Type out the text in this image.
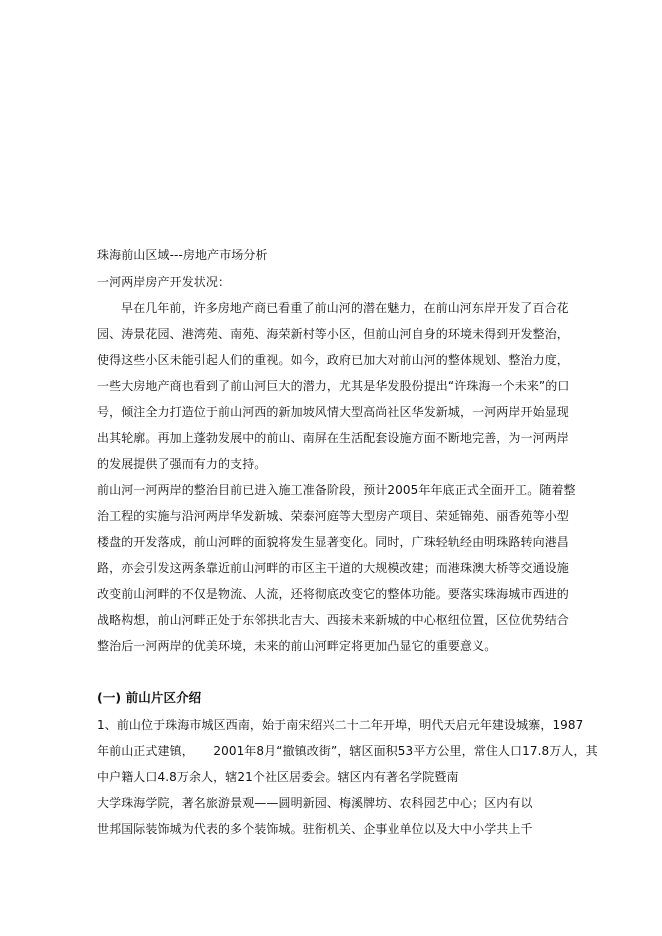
珠海前山区域---房地产市场分析
一河两岸房产开发状况：
早在几年前，许多房地产商已看重了前山河的潜在魅力，在前山河东岸开发了百合花
园、涛景花园、港湾苑、南苑、海荣新村等小区，但前山河自身的环境未得到开发整治，
使得这些小区未能引起人们的重视。如今，政府已加大对前山河的整体规划、整治力度，
一些大房地产商也看到了前山河巨大的潜力，尤其是华发股份提出“许珠海一个未来”的口
号，倾注全力打造位于前山河西的新加坡风情大型高尚社区华发新城，一河两岸开始显现
出其轮廓。再加上蓬勃发展中的前山、南屏在生活配套设施方面不断地完善，为一河两岸
的发展提供了强而有力的支持。
前山河一河两岸的整治目前已进入施工准备阶段，预计2005年年底正式全面开工。随着整
治工程的实施与沿河两岸华发新城、荣泰河庭等大型房产项目、荣延锦苑、丽香苑等小型
楼盘的开发落成，前山河畔的面貌将发生显著变化。同时，广珠轻轨经由明珠路转向港昌
路，亦会引发这两条靠近前山河畔的市区主干道的大规模改建；而港珠澳大桥等交通设施
改变前山河畔的不仅是物流、人流，还将彻底改变它的整体功能。要落实珠海城市西进的
战略构想，前山河畔正处于东邻拱北吉大、西接未来新城的中心枢纽位置，区位优势结合
整治后一河两岸的优美环境，未来的前山河畔定将更加凸显它的重要意义。
(一) 前山片区介绍
1、前山位于珠海市城区西南，始于南宋绍兴二十二年开埠，明代天启元年建设城寨，1987
年前山正式建镇，     2001年8月“撤镇改街”，辖区面积53平方公里，常住人口17.8万人，其
中户籍人口4.8万余人，辖21个社区居委会。辖区内有著名学院暨南
大学珠海学院，著名旅游景观——圆明新园、梅溪牌坊、农科园艺中心；区内有以
世邦国际装饰城为代表的多个装饰城。驻衔机关、企事业单位以及大中小学共上千
